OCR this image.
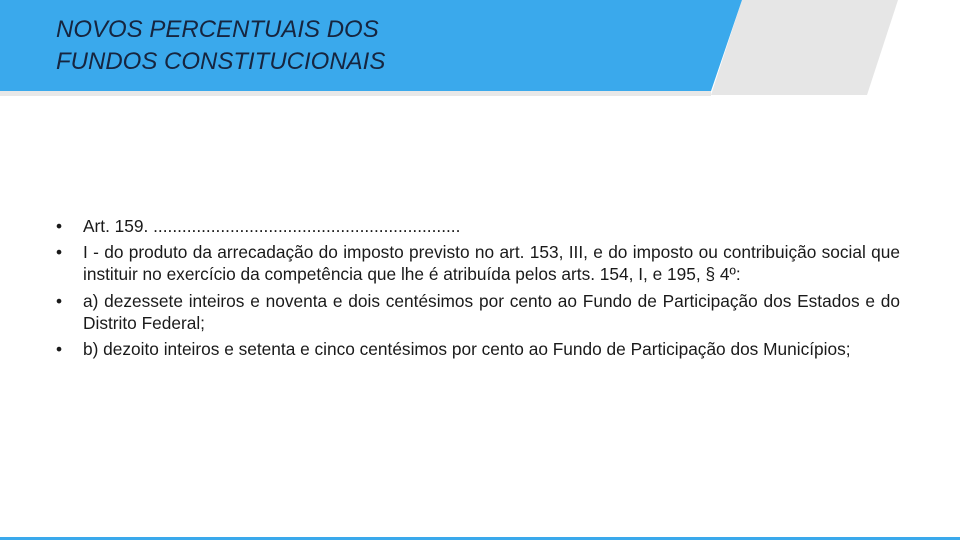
NOVOS PERCENTUAIS DOS
FUNDOS CONSTITUCIONAIS
•	Art. 159. ................................................................
•	I - do produto da arrecadação do imposto previsto no art. 153, III, e do imposto ou contribuição social que instituir no exercício da competência que lhe é atribuída pelos arts. 154, I, e 195, § 4º:
•	a) dezessete inteiros e noventa e dois centésimos por cento ao Fundo de Participação dos Estados e do Distrito Federal;
•	b) dezoito inteiros e setenta e cinco centésimos por cento ao Fundo de Participação dos Municípios;
